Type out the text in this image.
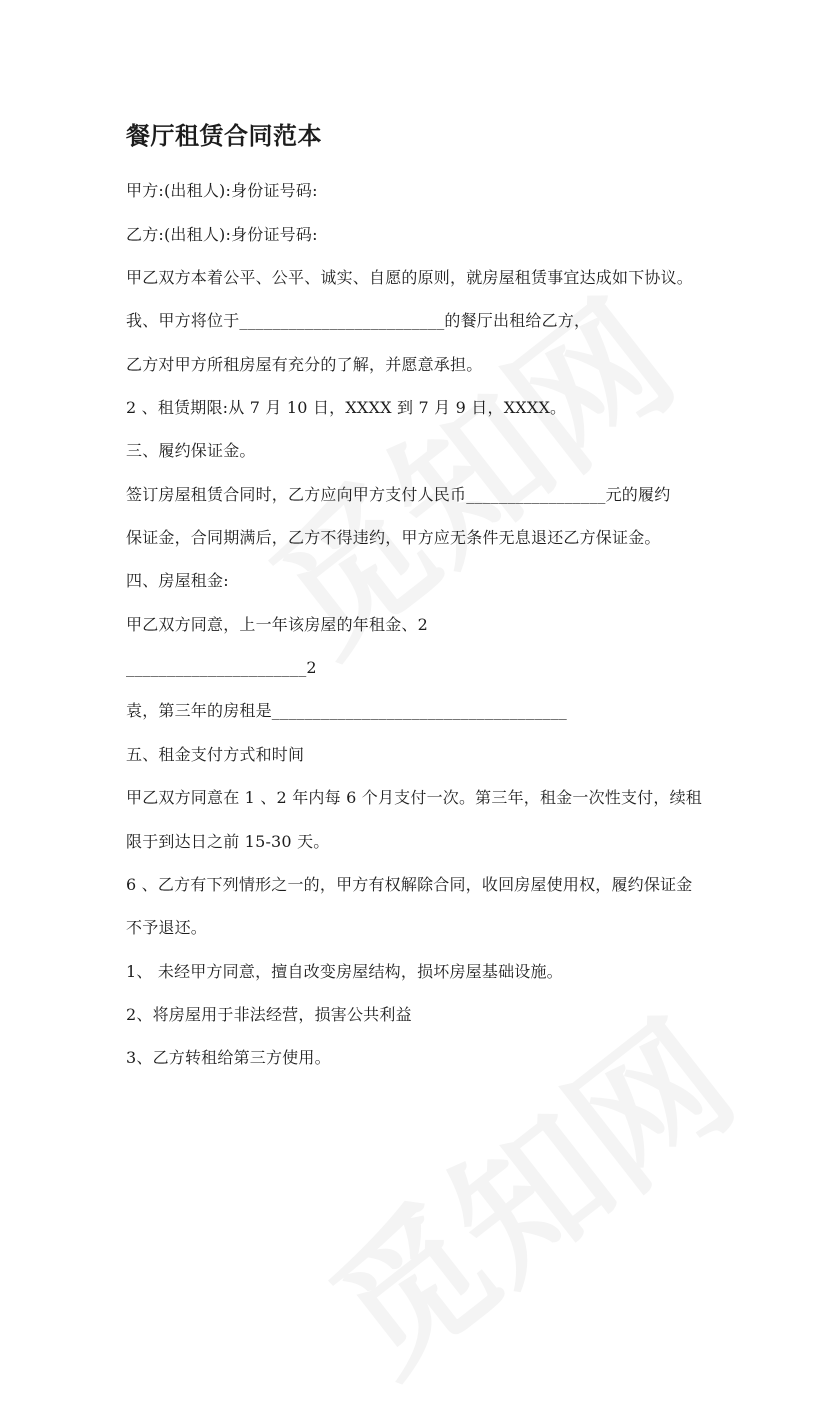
餐厅租赁合同范本
甲方:(出租人):身份证号码:
乙方:(出租人):身份证号码:
甲乙双方本着公平、公平、诚实、自愿的原则，就房屋租赁事宜达成如下协议。
我、甲方将位于_________________________的餐厅出租给乙方，
乙方对甲方所租房屋有充分的了解，并愿意承担。
2 、租赁期限:从 7 月 10 日，XXXX 到 7 月 9 日，XXXX。
三、履约保证金。
签订房屋租赁合同时，乙方应向甲方支付人民币_________________元的履约
保证金，合同期满后，乙方不得违约，甲方应无条件无息退还乙方保证金。
四、房屋租金:
甲乙双方同意，上一年该房屋的年租金、2
______________________2
袁，第三年的房租是____________________________________
五、租金支付方式和时间
甲乙双方同意在 1 、2 年内每 6 个月支付一次。第三年，租金一次性支付，续租
限于到达日之前 15-30 天。
6 、乙方有下列情形之一的，甲方有权解除合同，收回房屋使用权，履约保证金
不予退还。
1、 未经甲方同意，擅自改变房屋结构，损坏房屋基础设施。
2、将房屋用于非法经营，损害公共利益
3、乙方转租给第三方使用。
